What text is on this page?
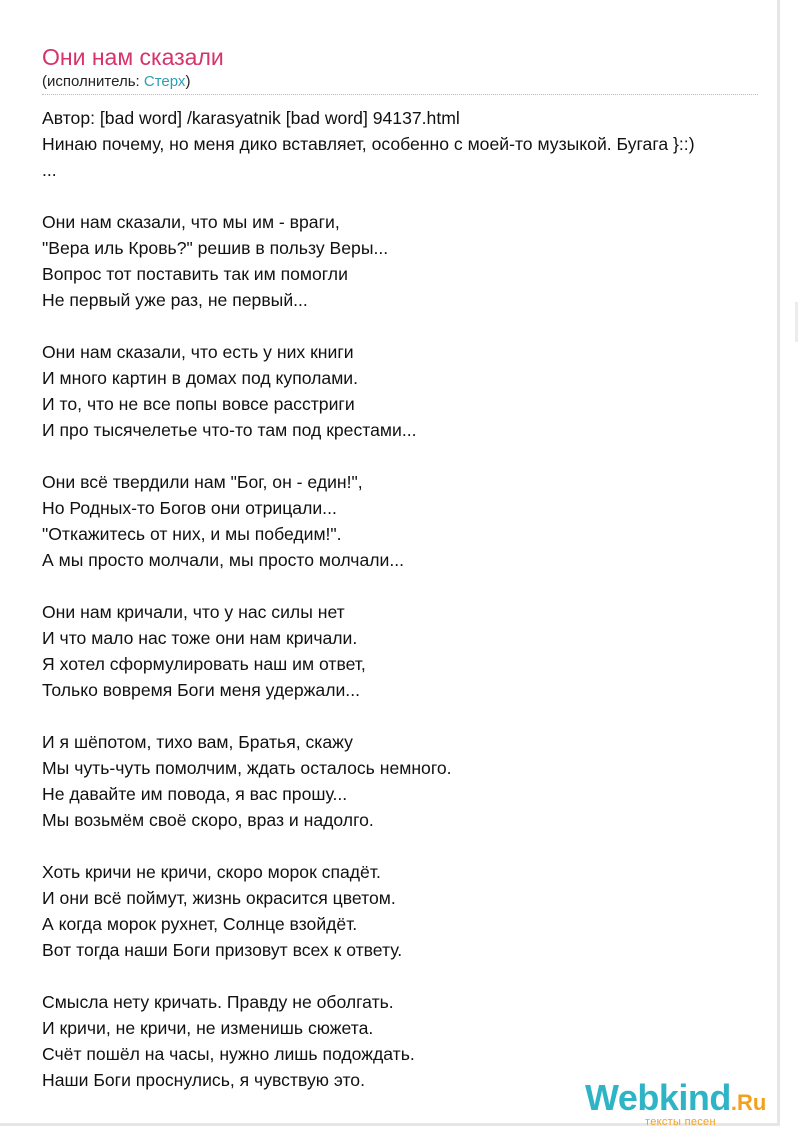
Они нам сказали
(исполнитель: Стерх)
Автор: [bad word] /karasyatnik [bad word] 94137.html
Нинаю почему, но меня дико вставляет, особенно с моей-то музыкой. Бугага }::)
...
Они нам сказали, что мы им - враги,
"Вера иль Кровь?" решив в пользу Веры...
Вопрос тот поставить так им помогли
Не первый уже раз, не первый...
Они нам сказали, что есть у них книги
И много картин в домах под куполами.
И то, что не все попы вовсе расстриги
И про тысячелетье что-то там под крестами...
Они всё твердили нам "Бог, он - един!",
Но Родных-то Богов они отрицали...
"Откажитесь от них, и мы победим!".
А мы просто молчали, мы просто молчали...
Они нам кричали, что у нас силы нет
И что мало нас тоже они нам кричали.
Я хотел сформулировать наш им ответ,
Только вовремя Боги меня удержали...
И я шёпотом, тихо вам, Братья, скажу
Мы чуть-чуть помолчим, ждать осталось немного.
Не давайте им повода, я вас прошу...
Мы возьмём своё скоро, враз и надолго.
Хоть кричи не кричи, скоро морок спадёт.
И они всё поймут, жизнь окрасится цветом.
А когда морок рухнет, Солнце взойдёт.
Вот тогда наши Боги призовут всех к ответу.
Смысла нету кричать. Правду не оболгать.
И кричи, не кричи, не изменишь сюжета.
Счёт пошёл на часы, нужно лишь подождать.
Наши Боги проснулись, я чувствую это.	Webkind.Ru
тексты песен
